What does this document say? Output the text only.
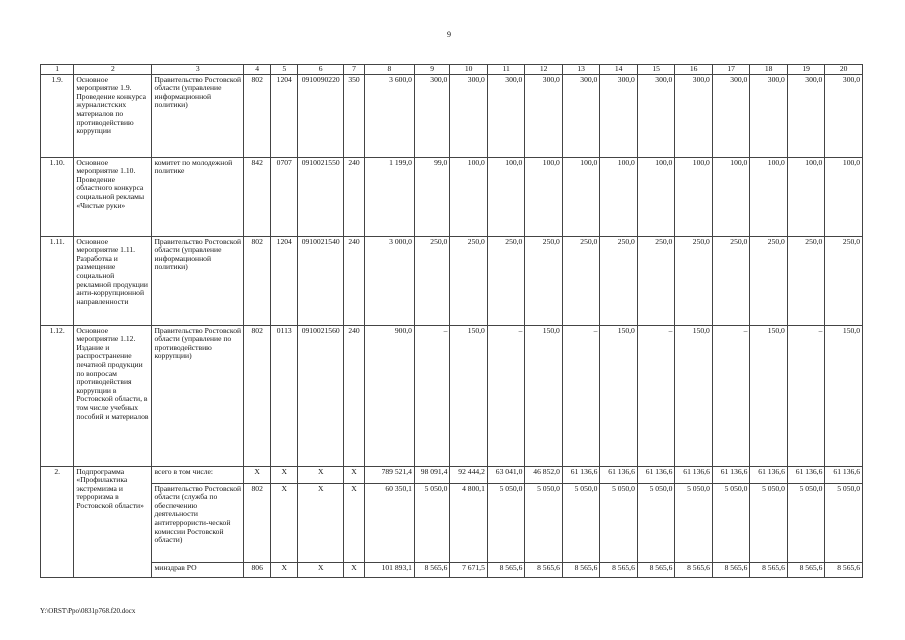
9
1	2	3	4	5	6	7	8	9	10	11	12	13	14	15	16	17	18	19	20
1.9.	Основное мероприятие 1.9. Проведение конкурса журналистских материалов по противодействию коррупции	Правительство Ростовской области (управление информационной политики)	802	1204	0910090220	350	3 600,0	300,0	300,0	300,0	300,0	300,0	300,0	300,0	300,0	300,0	300,0	300,0	300,0
1.10.	Основное мероприятие 1.10. Проведение областного конкурса социальной рекламы «Чистые руки»	комитет по молодежной политике	842	0707	0910021550	240	1 199,0	99,0	100,0	100,0	100,0	100,0	100,0	100,0	100,0	100,0	100,0	100,0	100,0
1.11.	Основное мероприятие 1.11. Разработка и размещение социальной рекламной продукции анти-коррупционной направленности	Правительство Ростовской области (управление информационной политики)	802	1204	0910021540	240	3 000,0	250,0	250,0	250,0	250,0	250,0	250,0	250,0	250,0	250,0	250,0	250,0	250,0
1.12.	Основное мероприятие 1.12. Издание и распространение печатной продукции по вопросам противодействия коррупции в Ростовской области, в том числе учебных пособий и материалов	Правительство Ростовской области (управление по противодействию коррупции)	802	0113	0910021560	240	900,0	–	150,0	–	150,0	–	150,0	–	150,0	–	150,0	–	150,0
2.	Подпрограмма «Профилактика экстремизма и терроризма в Ростовской области»	всего в том числе:	X	X	X	X	789 521,4	98 091,4	92 444,2	63 041,0	46 852,0	61 136,6	61 136,6	61 136,6	61 136,6	61 136,6	61 136,6	61 136,6	61 136,6
		Правительство Ростовской области (служба по обеспечению деятельности антитеррористи-ческой комиссии Ростовской области)	802	X	X	X	60 350,1	5 050,0	4 800,1	5 050,0	5 050,0	5 050,0	5 050,0	5 050,0	5 050,0	5 050,0	5 050,0	5 050,0	5 050,0
		минздрав РО	806	X	X	X	101 893,1	8 565,6	7 671,5	8 565,6	8 565,6	8 565,6	8 565,6	8 565,6	8 565,6	8 565,6	8 565,6	8 565,6	8 565,6
Y:\ORST\Ppo\0831p768.f20.docx
